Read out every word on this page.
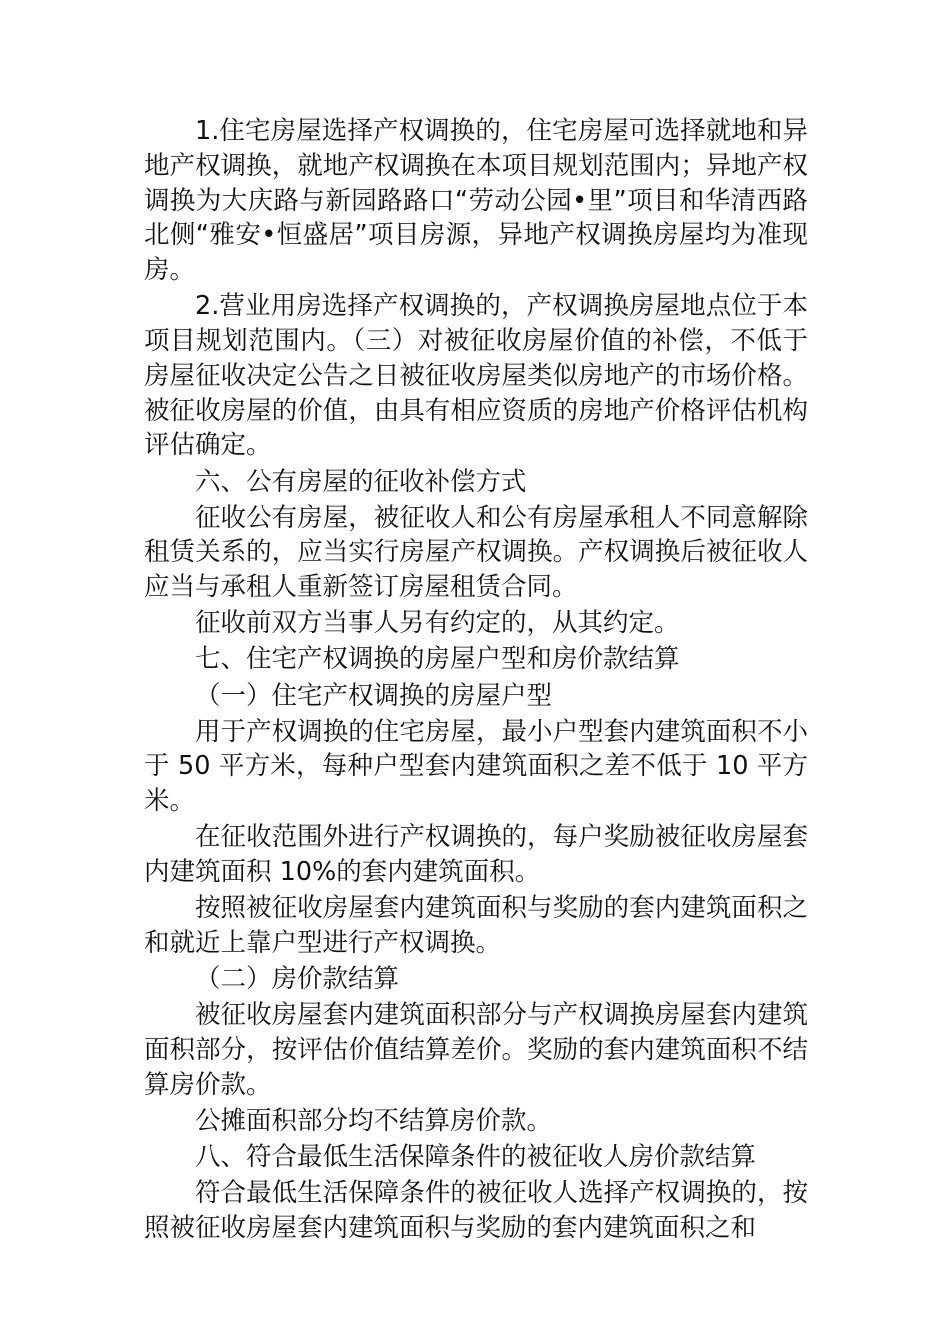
1.住宅房屋选择产权调换的，住宅房屋可选择就地和异地产权调换，就地产权调换在本项目规划范围内；异地产权调换为大庆路与新园路路口“劳动公园•里”项目和华清西路北侧“雅安•恒盛居”项目房源，异地产权调换房屋均为准现房。

2.营业用房选择产权调换的，产权调换房屋地点位于本项目规划范围内。（三）对被征收房屋价值的补偿，不低于房屋征收决定公告之日被征收房屋类似房地产的市场价格。被征收房屋的价值，由具有相应资质的房地产价格评估机构评估确定。

六、公有房屋的征收补偿方式

征收公有房屋，被征收人和公有房屋承租人不同意解除租赁关系的，应当实行房屋产权调换。产权调换后被征收人应当与承租人重新签订房屋租赁合同。

征收前双方当事人另有约定的，从其约定。

七、住宅产权调换的房屋户型和房价款结算

（一）住宅产权调换的房屋户型

用于产权调换的住宅房屋，最小户型套内建筑面积不小于 50 平方米，每种户型套内建筑面积之差不低于 10 平方米。

在征收范围外进行产权调换的，每户奖励被征收房屋套内建筑面积 10%的套内建筑面积。

按照被征收房屋套内建筑面积与奖励的套内建筑面积之和就近上靠户型进行产权调换。

（二）房价款结算

被征收房屋套内建筑面积部分与产权调换房屋套内建筑面积部分，按评估价值结算差价。奖励的套内建筑面积不结算房价款。

公摊面积部分均不结算房价款。

八、符合最低生活保障条件的被征收人房价款结算

符合最低生活保障条件的被征收人选择产权调换的，按照被征收房屋套内建筑面积与奖励的套内建筑面积之和
